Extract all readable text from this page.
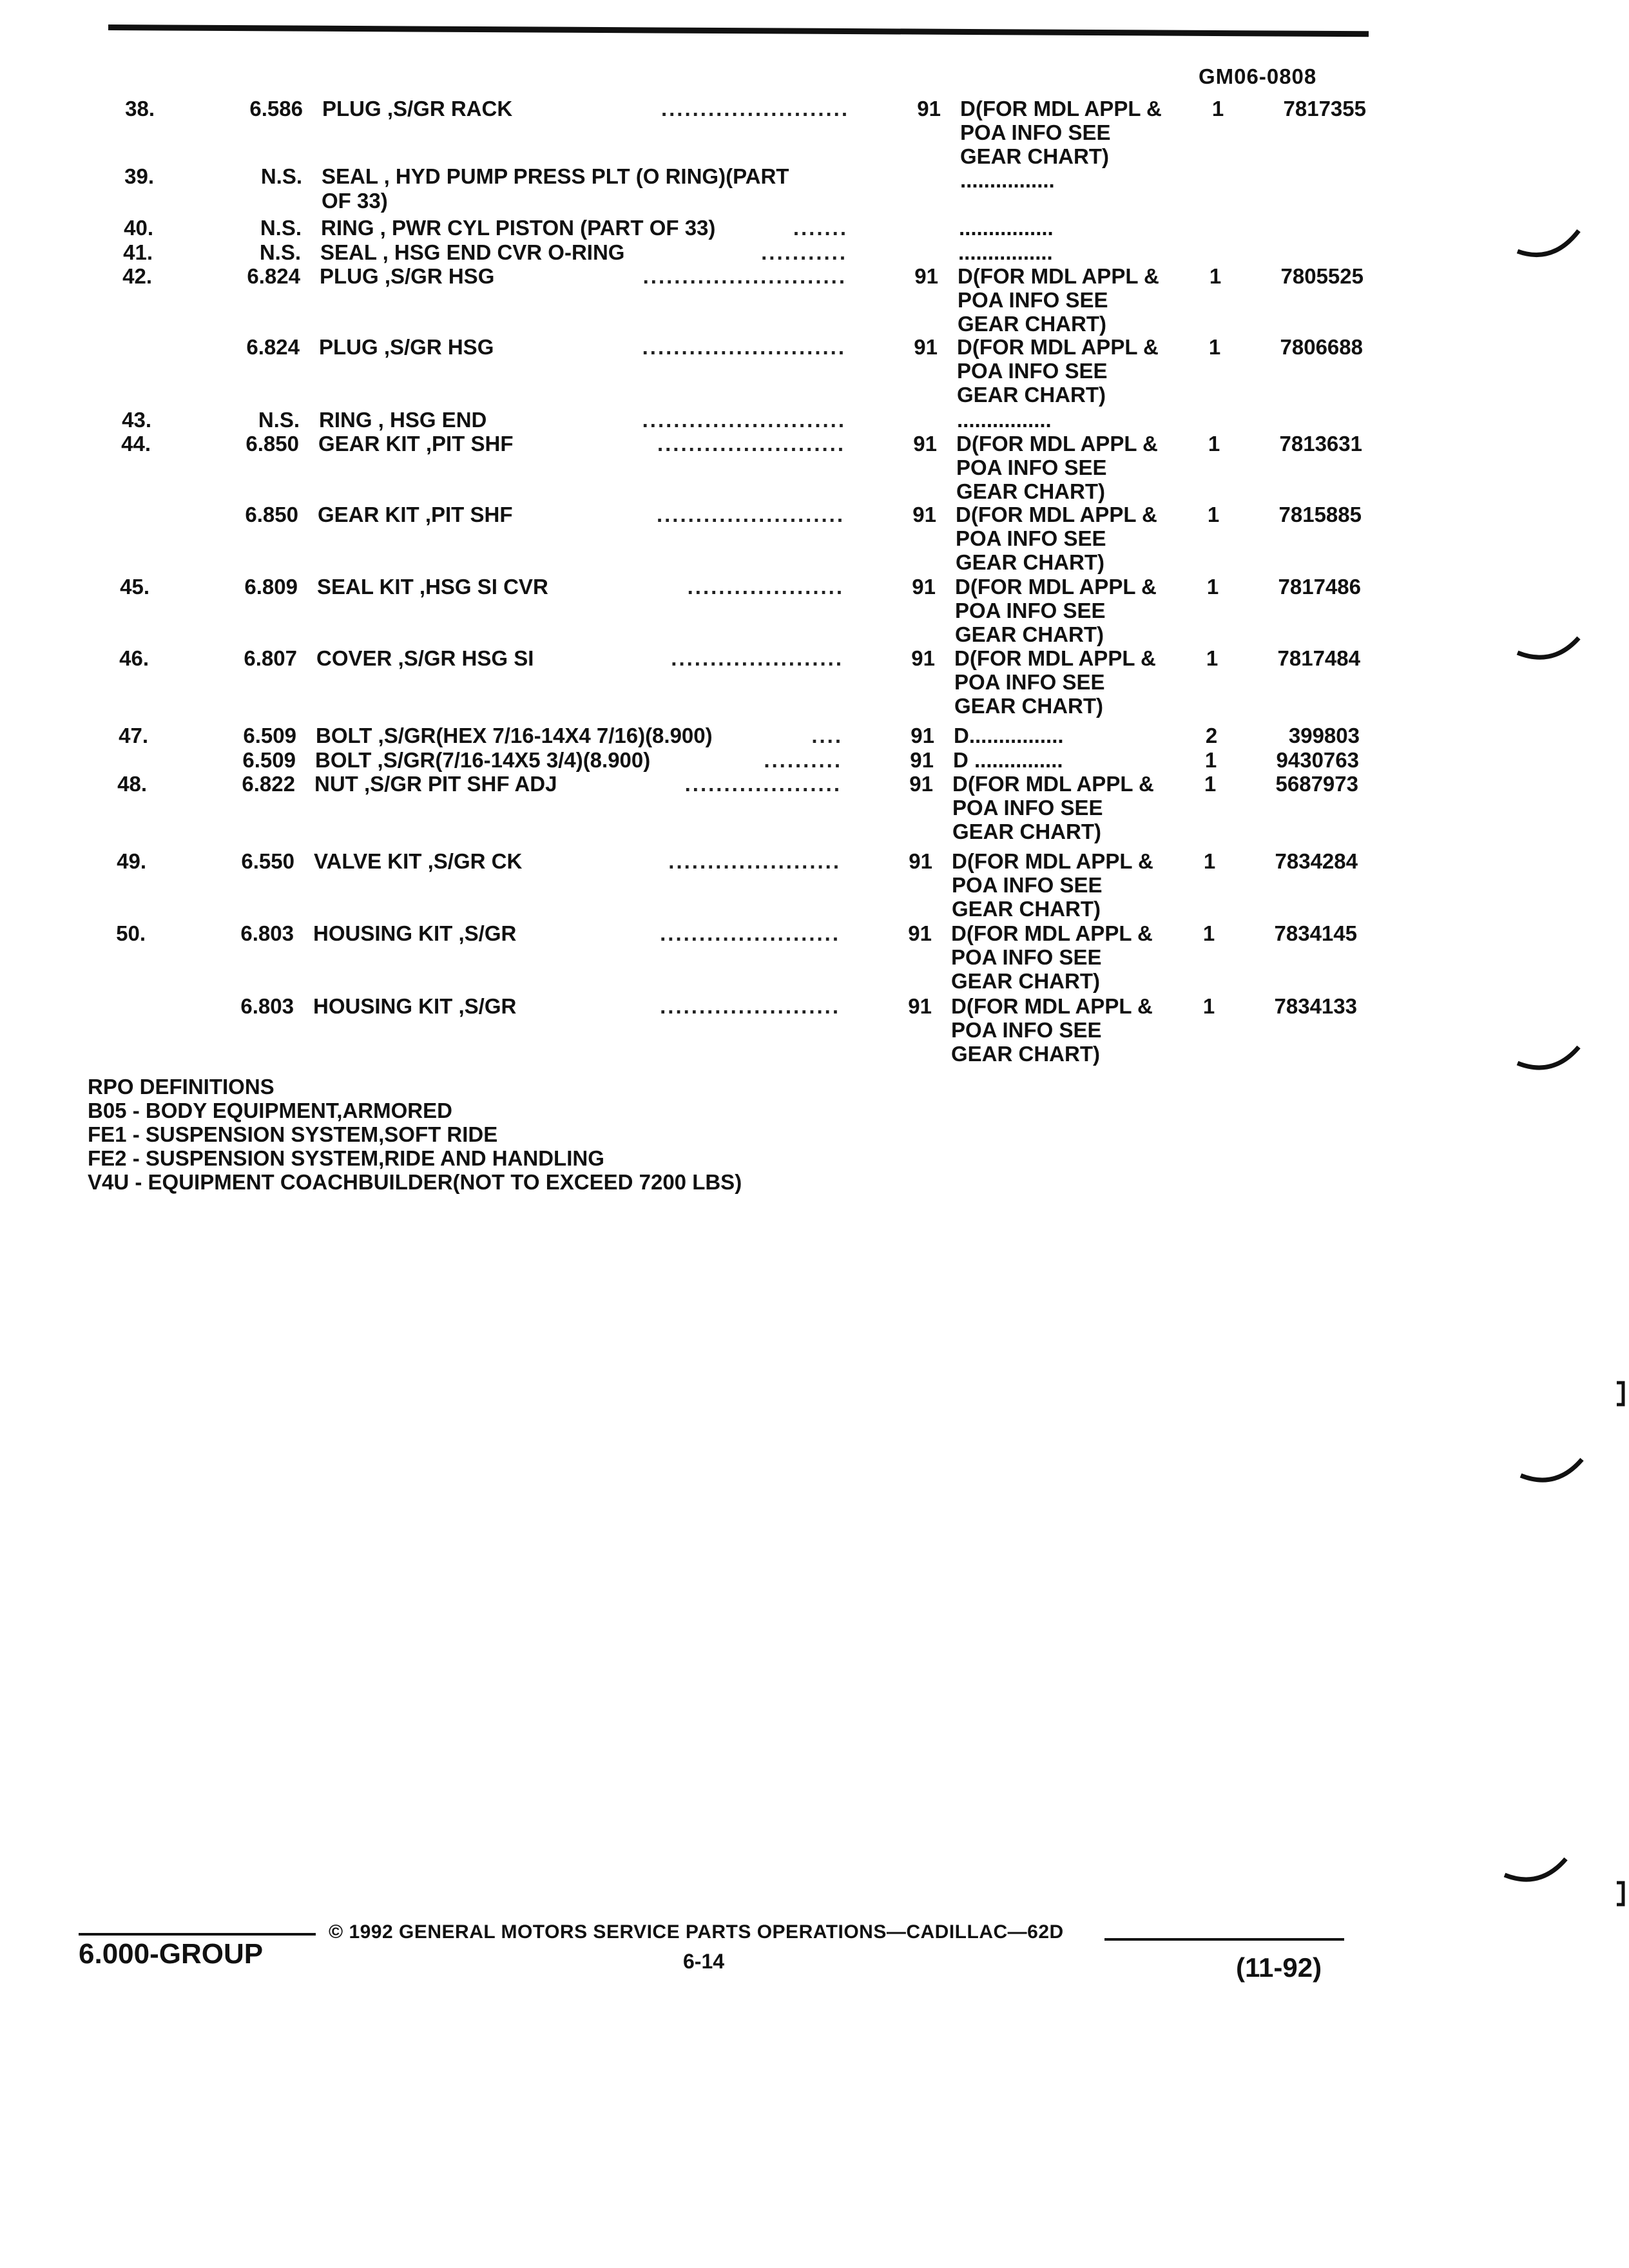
GM06-0808
38.	6.586 PLUG ,S/GR RACK	........................	91 D(FOR MDL APPL &
POA INFO SEE
GEAR CHART)
................
1	7817355
39.	N.S. SEAL , HYD PUMP PRESS PLT (O RING)(PART
OF 33)
40.	N.S. RING , PWR CYL PISTON (PART OF 33)	.......	................
41.	N.S. SEAL , HSG END CVR O-RING	...........	................
42.	6.824 PLUG ,S/GR HSG	..........................	91 D(FOR MDL APPL &
POA INFO SEE
GEAR CHART)
1	7805525
6.824 PLUG ,S/GR HSG	..........................	91 D(FOR MDL APPL &
POA INFO SEE
GEAR CHART)
1	7806688
43.	N.S. RING , HSG END	..........................	................
44.	6.850 GEAR KIT ,PIT SHF	........................	91 D(FOR MDL APPL &
POA INFO SEE
GEAR CHART)
1	7813631
6.850 GEAR KIT ,PIT SHF	........................	91 D(FOR MDL APPL &
POA INFO SEE
GEAR CHART)
1	7815885
45.	6.809 SEAL KIT ,HSG SI CVR	....................	91 D(FOR MDL APPL &
POA INFO SEE
GEAR CHART)
1	7817486
46.	6.807 COVER ,S/GR HSG SI	......................	91 D(FOR MDL APPL &
POA INFO SEE
GEAR CHART)
1	7817484
47.	6.509 BOLT ,S/GR(HEX 7/16-14X4 7/16)(8.900)	....	91 D................	2	399803
6.509 BOLT ,S/GR(7/16-14X5 3/4)(8.900)	..........	91 D ...............	1	9430763
48.	6.822 NUT ,S/GR PIT SHF ADJ	....................	91 D(FOR MDL APPL &
POA INFO SEE
GEAR CHART)
1	5687973
49.	6.550 VALVE KIT ,S/GR CK	......................	91 D(FOR MDL APPL &
POA INFO SEE
GEAR CHART)
1	7834284
50.	6.803 HOUSING KIT ,S/GR	.......................	91 D(FOR MDL APPL &
POA INFO SEE
GEAR CHART)
1	7834145
6.803 HOUSING KIT ,S/GR	.......................	91 D(FOR MDL APPL &
POA INFO SEE
GEAR CHART)
1	7834133
RPO DEFINITIONS
B05 - BODY EQUIPMENT,ARMORED
FE1 - SUSPENSION SYSTEM,SOFT RIDE
FE2 - SUSPENSION SYSTEM,RIDE AND HANDLING
V4U - EQUIPMENT COACHBUILDER(NOT TO EXCEED 7200 LBS)
6.000-GROUP
© 1992 GENERAL MOTORS SERVICE PARTS OPERATIONS—CADILLAC—62D
6-14	(11-92)
